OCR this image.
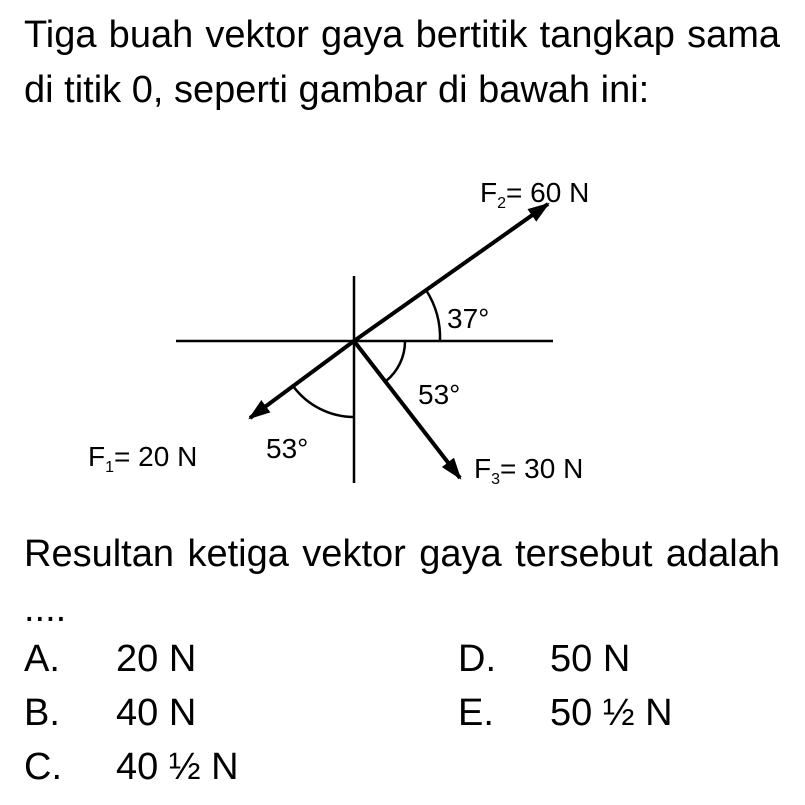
Tiga buah vektor gaya bertitik tangkap sama di titik 0, seperti gambar di bawah ini:

37°
53°
53°
$F_2= 60$ N
$F_3= 30$ N
$F_1= 20$ N

Resultan ketiga vektor gaya tersebut adalah ....

A. 20 N
B. 40 N
C. 40 ½ N
D. 50 N
E. 50 ½ N
